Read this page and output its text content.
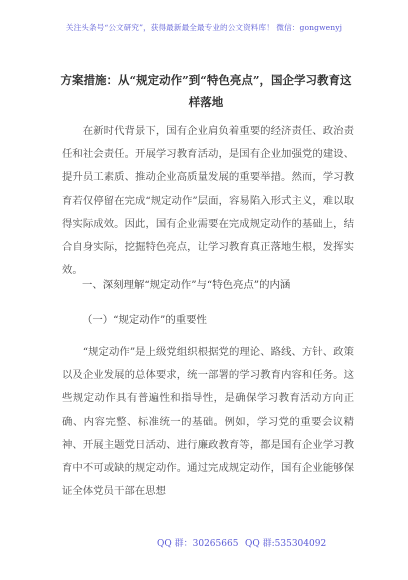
关注头条号“公文研究”，获得最新最全最专业的公文资料库！ 微信：gongwenyj
方案措施：从“规定动作”到“特色亮点”，国企学习教育这样落地

在新时代背景下，国有企业肩负着重要的经济责任、政治责任和社会责任。开展学习教育活动，是国有企业加强党的建设、提升员工素质、推动企业高质量发展的重要举措。然而，学习教育若仅停留在完成“规定动作”层面，容易陷入形式主义，难以取得实际成效。因此，国有企业需要在完成规定动作的基础上，结合自身实际，挖掘特色亮点，让学习教育真正落地生根，发挥实效。

一、深刻理解“规定动作”与“特色亮点”的内涵
（一）“规定动作”的重要性

“规定动作”是上级党组织根据党的理论、路线、方针、政策以及企业发展的总体要求，统一部署的学习教育内容和任务。这些规定动作具有普遍性和指导性，是确保学习教育活动方向正确、内容完整、标准统一的基础。例如，学习党的重要会议精神、开展主题党日活动、进行廉政教育等，都是国有企业学习教育中不可或缺的规定动作。通过完成规定动作，国有企业能够保证全体党员干部在思想

QQ 群：30265665 QQ 群:535304092
